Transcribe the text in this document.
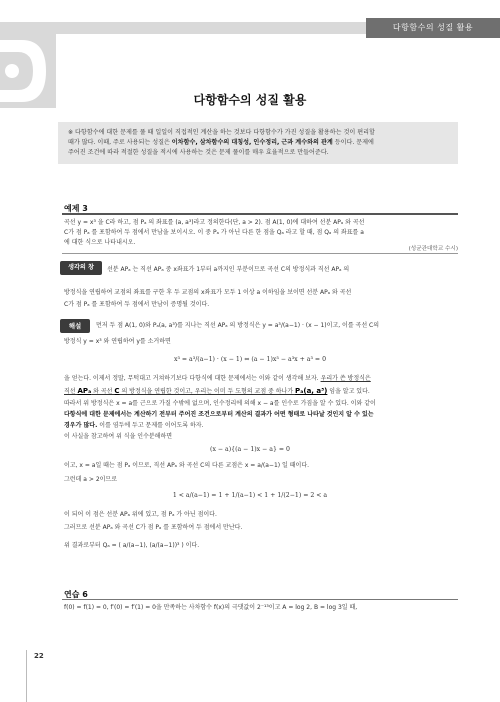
다항함수의 성질 활용
다항함수의 성질 활용
※ 다항함수에 대한 문제를 풀 때 일일이 직접적인 계산을 하는 것보다 다항함수가 가진 성질을 활용하는 것이 편리할
때가 많다. 이때, 주로 사용되는 성질은 이차함수, 삼차함수의 대칭성, 인수정리, 근과 계수와의 관계 등이다. 문제에
주어진 조건에 따라 적절한 성질을 적시에 사용하는 것은 문제 풀이를 매우 효율적으로 만들어준다.
예제 3
곡선 y = x³ 을 C라 하고, 점 Pₐ 의 좌표를 (a, a³)라고 정의한다(단, a > 2). 점 A(1, 0)에 대하여 선분 APₐ 와 곡선
C가 점 Pₐ 를 포함하여 두 점에서 만남을 보이시오. 이 중 Pₐ 가 아닌 다른 한 점을 Qₐ 라고 할 때, 점 Qₐ 의 좌표를 a
에 대한 식으로 나타내시오.
(성균관대학교 수시)
생각의 창	선분 APₐ 는 직선 APₐ 중 x좌표가 1부터 a까지인 부분이므로 곡선 C의 방정식과 직선 APₐ 의
방정식을 연립하여 교점의 좌표를 구한 후 두 교점의 x좌표가 모두 1 이상 a 이하임을 보이면 선분 APₐ 와 곡선
C가 점 Pₐ 를 포함하여 두 점에서 만남이 증명될 것이다.
해설	먼저 두 점 A(1, 0)와 Pₐ(a, a³)를 지나는 직선 APₐ 의 방정식은 y = a³/(a−1) · (x − 1)이고, 이를 곡선 C의
방정식 y = x³ 와 연립하여 y를 소거하면
x³ = a³/(a−1) · (x − 1) ⇔ (a − 1)x³ − a³x + a³ = 0
을 얻는다. 이제서 정말, 무턱대고 거쳐하기보다 다항식에 대한 문제에서는 이와 같이 생각해 보자. 우리가 쓴 방정식은
직선 APₐ 와 곡선 C 의 방정식을 연립한 것이고, 우리는 이미 두 도형의 교점 중 하나가 Pₐ(a, a³) 임을 알고 있다.
따라서 위 방정식은 x = a를 근으로 가질 수밖에 없으며, 인수정리에 의해 x − a를 인수로 가짐을 알 수 있다. 이와 같이
다항식에 대한 문제에서는 계산하기 전부터 주어진 조건으로부터 계산의 결과가 어떤 형태로 나타날 것인지 알 수 있는
경우가 많다. 이를 염두에 두고 문제를 이어도록 하자.
이 사실을 참고하여 위 식을 인수분해하면
(x − a){(a − 1)x − a} = 0
이고, x = a일 때는 점 Pₐ 이므로, 직선 APₐ 와 곡선 C의 다른 교점은 x = a/(a−1) 일 때이다.
그런데 a > 2이므로
1 < a/(a−1) = 1 + 1/(a−1) < 1 + 1/(2−1) = 2 < a
이 되어 이 점은 선분 APₐ 위에 있고, 점 Pₐ 가 아닌 점이다.
그러므로 선분 APₐ 와 곡선 C가 점 Pₐ 를 포함하여 두 점에서 만난다.
위 결과로부터 Qₐ = ( a/(a−1), (a/(a−1))³ ) 이다.
연습 6
f(0) = f(1) = 0, f′(0) = f′(1) = 0을 만족하는 사차함수 f(x)의 극댓값이 2⁻¹³이고 A = log 2, B = log 3일 때,
22
